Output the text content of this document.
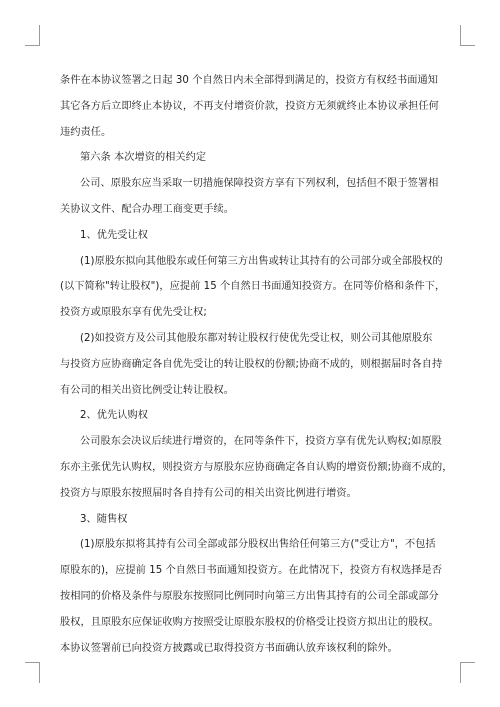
条件在本协议签署之日起 30 个自然日内未全部得到满足的，投资方有权经书面通知
其它各方后立即终止本协议，不再支付增资价款，投资方无须就终止本协议承担任何
违约责任。
第六条 本次增资的相关约定
公司、原股东应当采取一切措施保障投资方享有下列权利，包括但不限于签署相
关协议文件、配合办理工商变更手续。
1、优先受让权
(1)原股东拟向其他股东或任何第三方出售或转让其持有的公司部分或全部股权的
(以下简称"转让股权")，应提前 15 个自然日书面通知投资方。在同等价格和条件下，
投资方或原股东享有优先受让权;
(2)如投资方及公司其他股东都对转让股权行使优先受让权，则公司其他原股东
与投资方应协商确定各自优先受让的转让股权的份额;协商不成的，则根据届时各自持
有公司的相关出资比例受让转让股权。
2、优先认购权
公司股东会决议后续进行增资的，在同等条件下，投资方享有优先认购权;如原股
东亦主张优先认购权，则投资方与原股东应协商确定各自认购的增资份额;协商不成的，
投资方与原股东按照届时各自持有公司的相关出资比例进行增资。
3、随售权
(1)原股东拟将其持有公司全部或部分股权出售给任何第三方("受让方"，不包括
原股东的)，应提前 15 个自然日书面通知投资方。在此情况下，投资方有权选择是否
按相同的价格及条件与原股东按照同比例同时向第三方出售其持有的公司全部或部分
股权，且原股东应保证收购方按照受让原股东股权的价格受让投资方拟出让的股权。
本协议签署前已向投资方披露或已取得投资方书面确认放弃该权利的除外。
